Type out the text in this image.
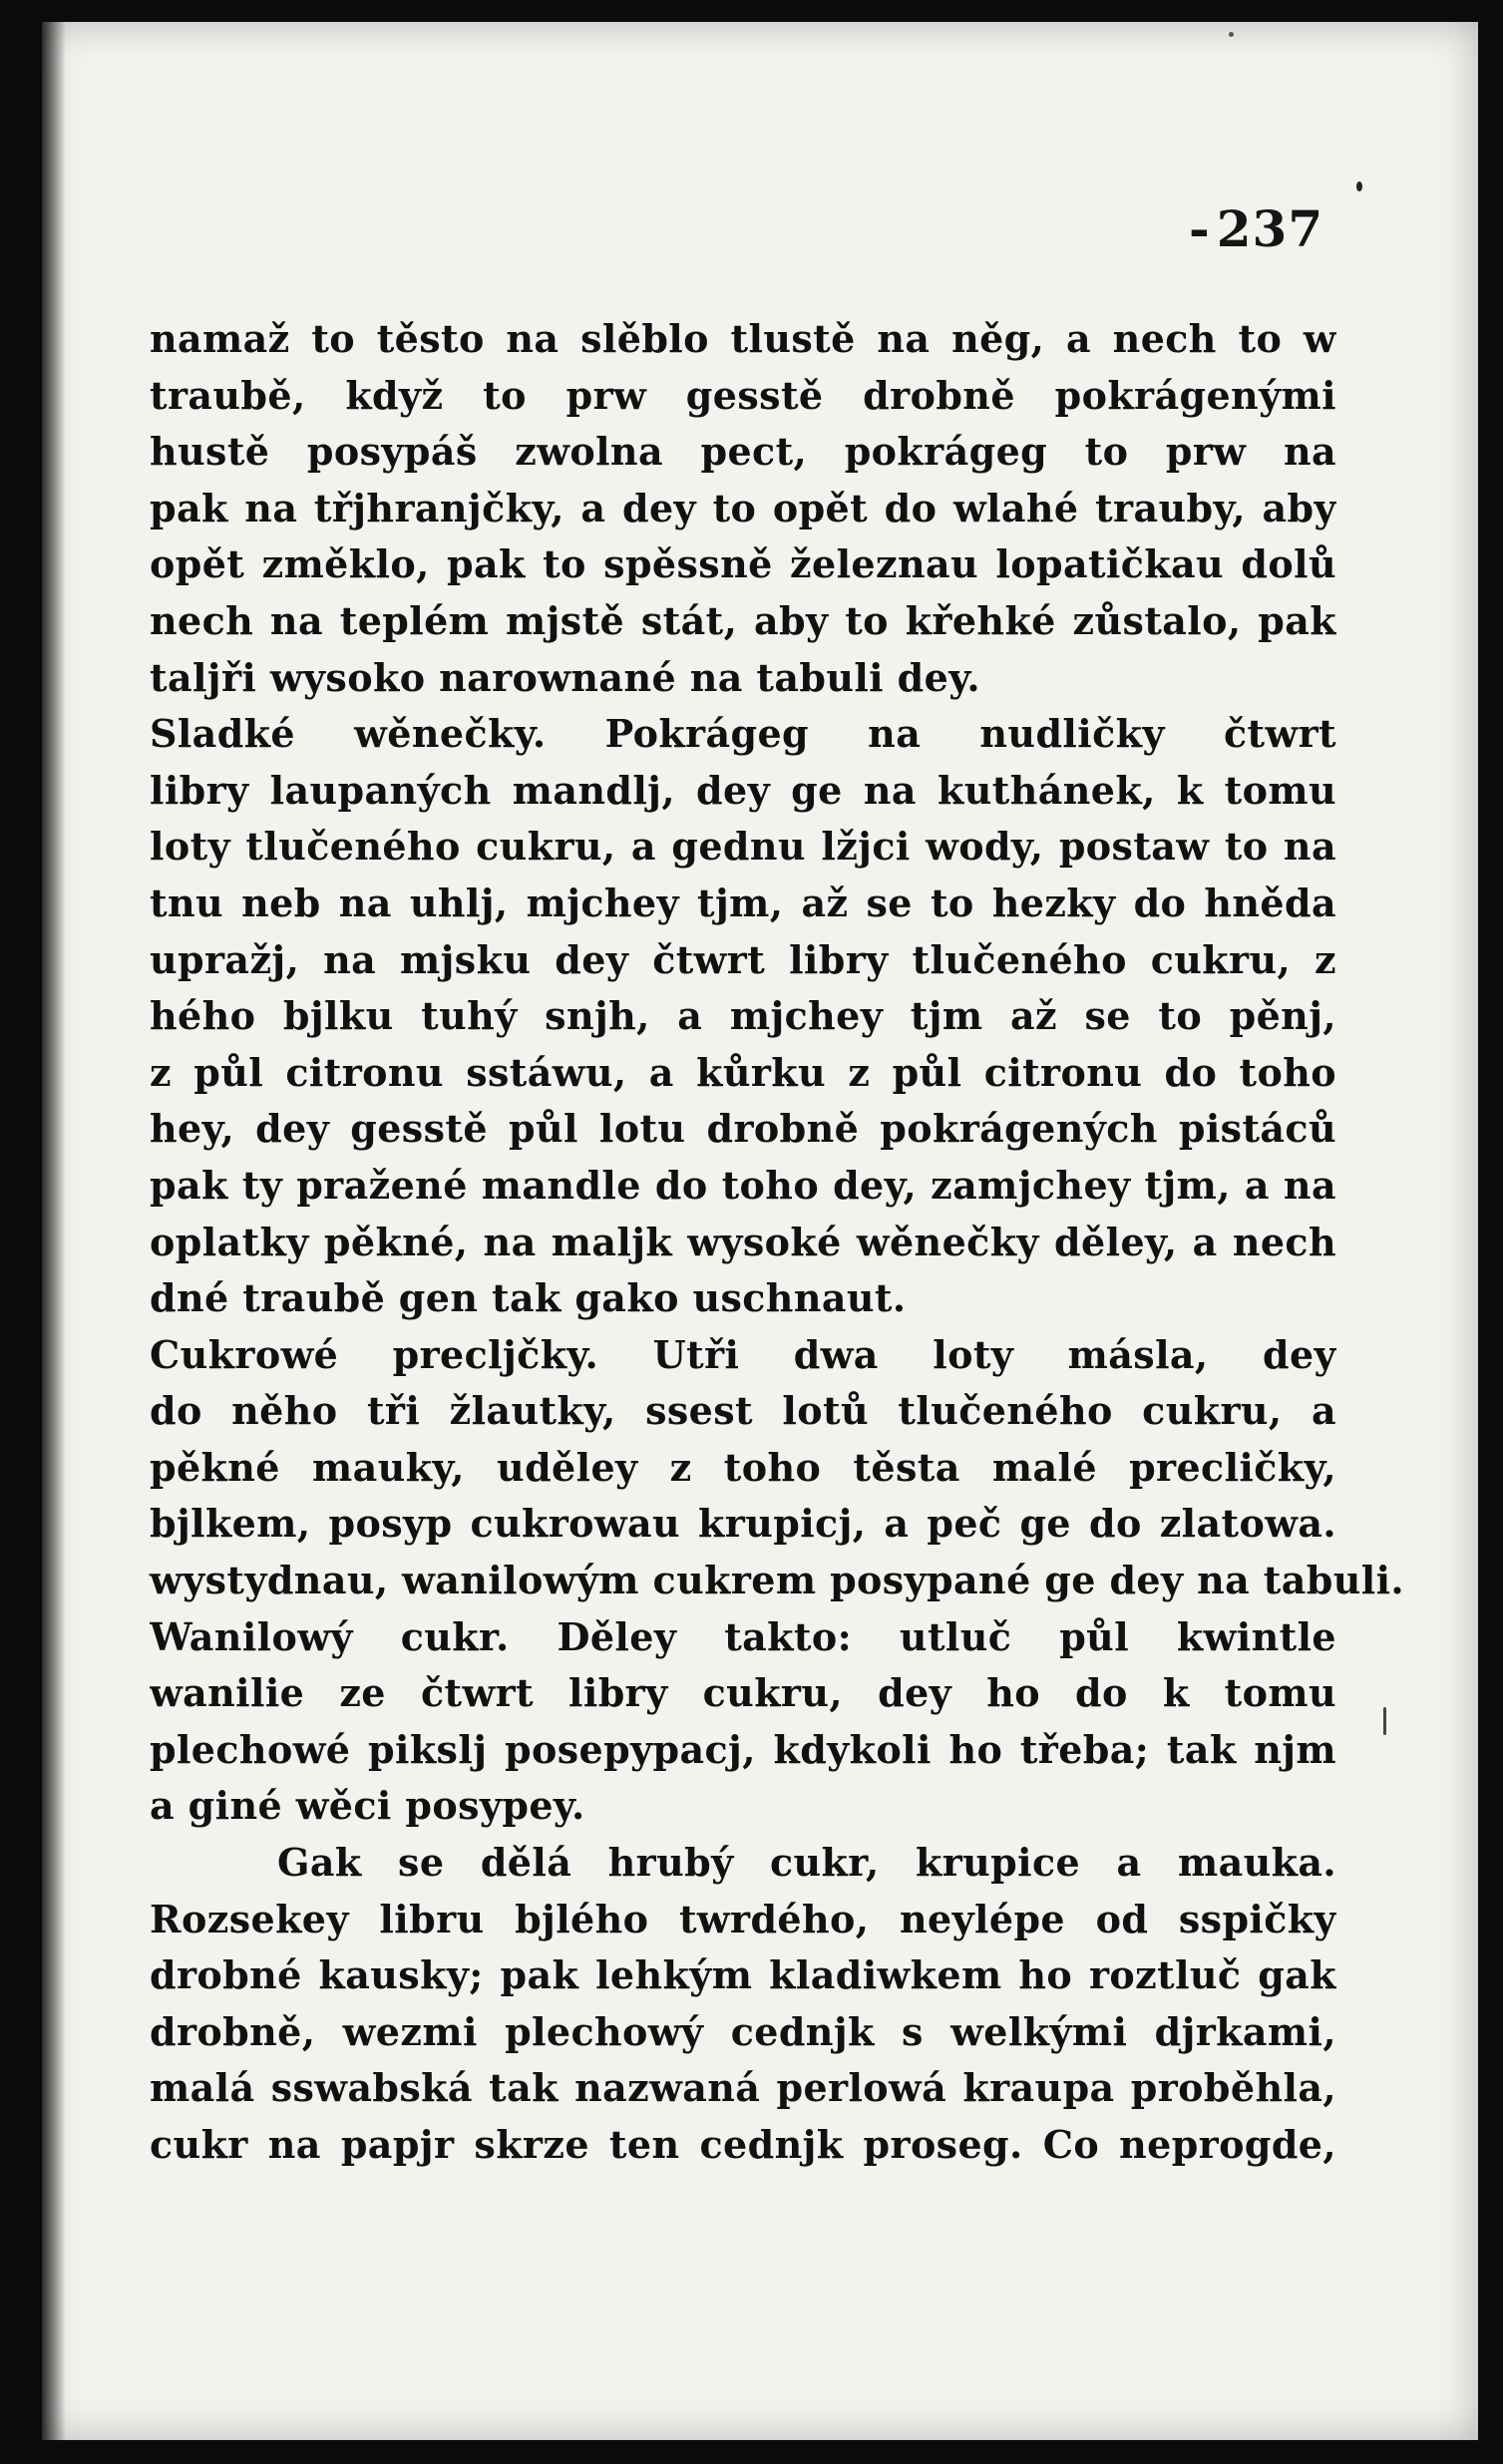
- 237
namaž to těsto na slěblo tlustě na něg, a nech to w
traubě, když to prw gesstě drobně pokrágenými
hustě posypáš zwolna pect, pokrágeg to prw na
pak na třjhranjčky, a dey to opět do wlahé trauby, aby
opět změklo, pak to spěssně železnau lopatičkau dolů
nech na teplém mjstě stát, aby to křehké zůstalo, pak
taljři wysoko narownané na tabuli dey.
Sladké wěnečky. Pokrágeg na nudličky čtwrt
libry laupaných mandlj, dey ge na kuthánek, k tomu
loty tlučeného cukru, a gednu lžjci wody, postaw to na
tnu neb na uhlj, mjchey tjm, až se to hezky do hněda
upražj, na mjsku dey čtwrt libry tlučeného cukru, z
hého bjlku tuhý snjh, a mjchey tjm až se to pěnj,
z půl citronu sstáwu, a kůrku z půl citronu do toho
hey, dey gesstě půl lotu drobně pokrágených pistáců
pak ty pražené mandle do toho dey, zamjchey tjm, a na
oplatky pěkné, na maljk wysoké wěnečky děley, a nech
dné traubě gen tak gako uschnaut.
Cukrowé precljčky. Utři dwa loty másla, dey
do něho tři žlautky, ssest lotů tlučeného cukru, a
pěkné mauky, uděley z toho těsta malé precličky,
bjlkem, posyp cukrowau krupicj, a peč ge do zlatowa.
wystydnau, wanilowým cukrem posypané ge dey na tabuli.
Wanilowý cukr. Děley takto: utluč půl kwintle
wanilie ze čtwrt libry cukru, dey ho do k tomu
plechowé pikslj posepypacj, kdykoli ho třeba; tak njm
a giné wěci posypey.
Gak se dělá hrubý cukr, krupice a mauka.
Rozsekey libru bjlého twrdého, neylépe od sspičky
drobné kausky; pak lehkým kladiwkem ho roztluč gak
drobně, wezmi plechowý cednjk s welkými djrkami,
malá sswabská tak nazwaná perlowá kraupa proběhla,
cukr na papjr skrze ten cednjk proseg. Co neprogde,
